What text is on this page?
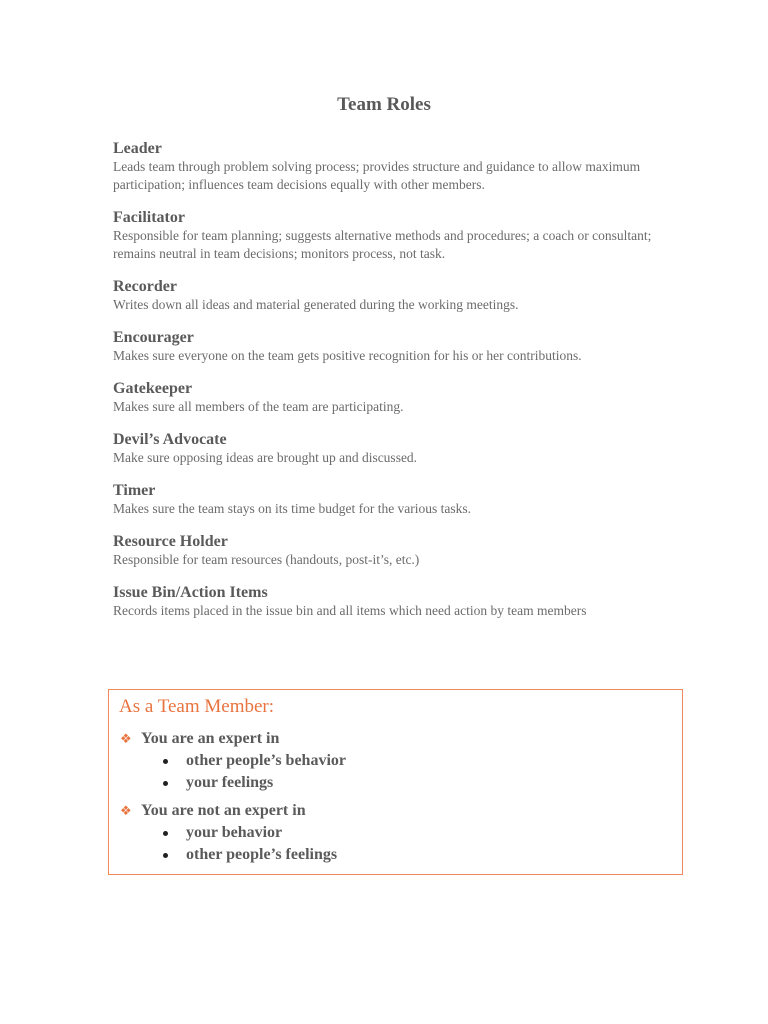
Team Roles

Leader

Leads team through problem solving process; provides structure and guidance to allow maximum participation; influences team decisions equally with other members.

Facilitator

Responsible for team planning; suggests alternative methods and procedures; a coach or consultant; remains neutral in team decisions; monitors process, not task.

Recorder

Writes down all ideas and material generated during the working meetings.

Encourager

Makes sure everyone on the team gets positive recognition for his or her contributions.

Gatekeeper

Makes sure all members of the team are participating.

Devil’s Advocate

Make sure opposing ideas are brought up and discussed.

Timer

Makes sure the team stays on its time budget for the various tasks.

Resource Holder

Responsible for team resources (handouts, post-it’s, etc.)

Issue Bin/Action Items

Records items placed in the issue bin and all items which need action by team members

As a Team Member:

❖ You are an expert in
other people’s behavior
your feelings
❖ You are not an expert in
your behavior
other people’s feelings
